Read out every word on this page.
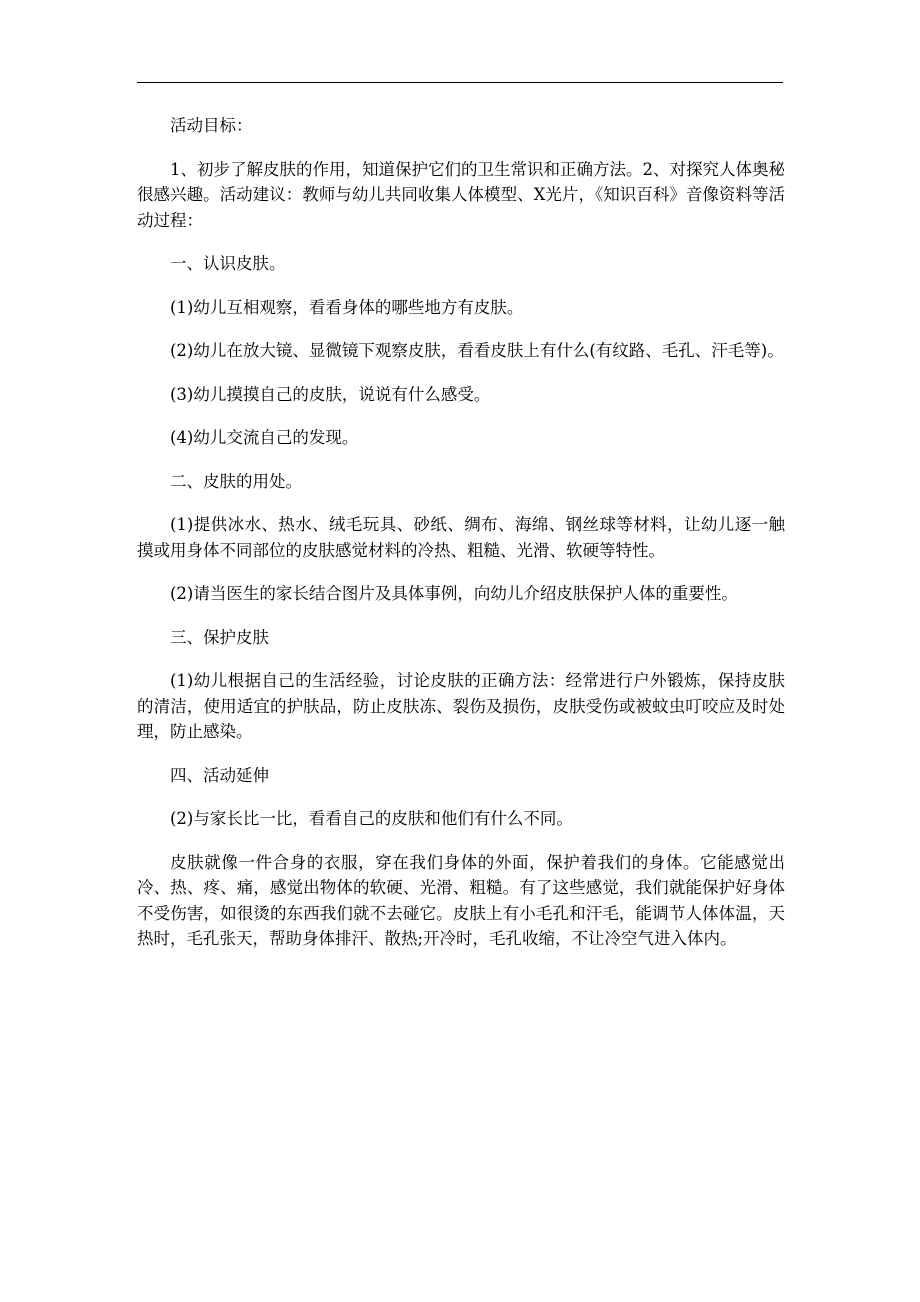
活动目标：

1、初步了解皮肤的作用，知道保护它们的卫生常识和正确方法。2、对探究人体奥秘很感兴趣。活动建议：教师与幼儿共同收集人体模型、X光片，《知识百科》音像资料等活动过程：

一、认识皮肤。

(1)幼儿互相观察，看看身体的哪些地方有皮肤。

(2)幼儿在放大镜、显微镜下观察皮肤，看看皮肤上有什么(有纹路、毛孔、汗毛等)。

(3)幼儿摸摸自己的皮肤，说说有什么感受。

(4)幼儿交流自己的发现。

二、皮肤的用处。

(1)提供冰水、热水、绒毛玩具、砂纸、绸布、海绵、钢丝球等材料，让幼儿逐一触摸或用身体不同部位的皮肤感觉材料的冷热、粗糙、光滑、软硬等特性。

(2)请当医生的家长结合图片及具体事例，向幼儿介绍皮肤保护人体的重要性。

三、保护皮肤

(1)幼儿根据自己的生活经验，讨论皮肤的正确方法：经常进行户外锻炼，保持皮肤的清洁，使用适宜的护肤品，防止皮肤冻、裂伤及损伤，皮肤受伤或被蚊虫叮咬应及时处理，防止感染。

四、活动延伸

(2)与家长比一比，看看自己的皮肤和他们有什么不同。

皮肤就像一件合身的衣服，穿在我们身体的外面，保护着我们的身体。它能感觉出冷、热、疼、痛，感觉出物体的软硬、光滑、粗糙。有了这些感觉，我们就能保护好身体不受伤害，如很烫的东西我们就不去碰它。皮肤上有小毛孔和汗毛，能调节人体体温，天热时，毛孔张天，帮助身体排汗、散热;开冷时，毛孔收缩，不让冷空气进入体内。
